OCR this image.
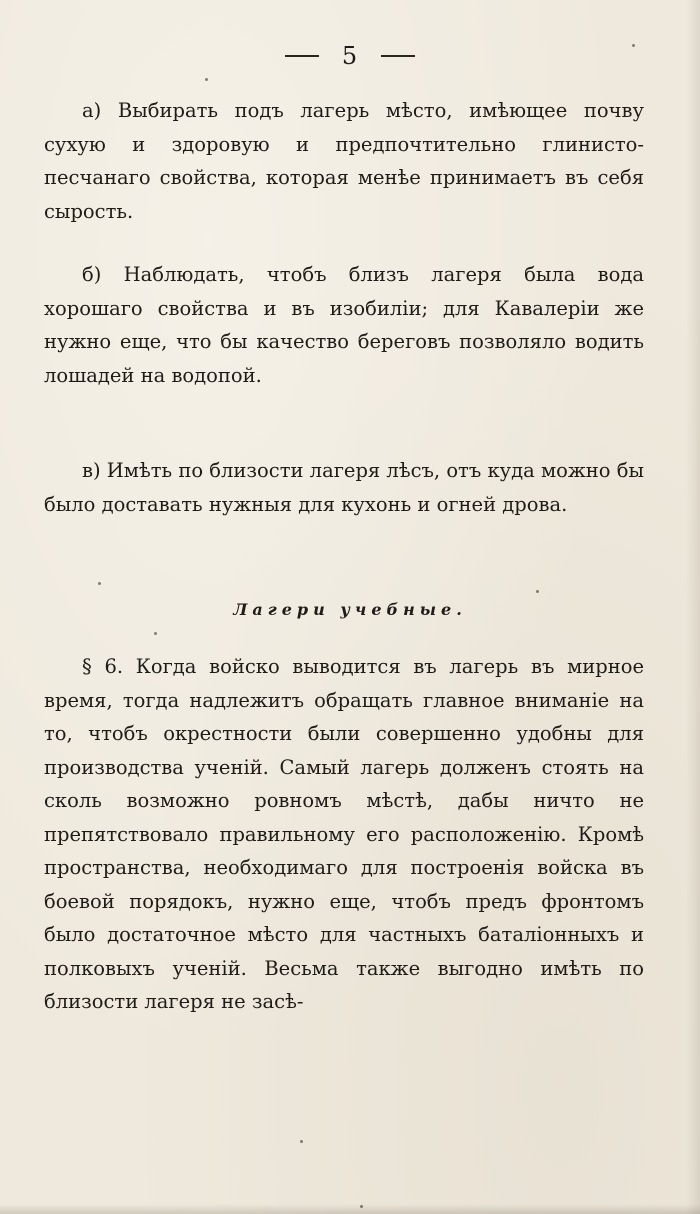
5

а) Выбирать подъ лагерь мѣсто, имѣющее почву сухую и здоровую и предпочтительно глинисто-песчанаго свойства, которая менѣе принимаетъ въ себя сырость.

б) Наблюдать, чтобъ близъ лагеря была вода хорошаго свойства и въ изобиліи; для Кавалеріи же нужно еще, что бы качество береговъ позволяло водить лошадей на водопой.

в) Имѣть по близости лагеря лѣсъ, отъ куда можно бы было доставать нужныя для кухонь и огней дрова.

Лагери учебные.

§ 6. Когда войско выводится въ лагерь въ мирное время, тогда надлежитъ обращать главное вниманіе на то, чтобъ окрестности были совершенно удобны для производства ученій. Самый лагерь долженъ стоять на сколь возможно ровномъ мѣстѣ, дабы ничто не препятствовало правильному его расположенію. Кромѣ пространства, необходимаго для построенія войска въ боевой порядокъ, нужно еще, чтобъ предъ фронтомъ было достаточное мѣсто для частныхъ баталіонныхъ и полковыхъ ученій. Весьма также выгодно имѣть по близости лагеря не засѣ-
